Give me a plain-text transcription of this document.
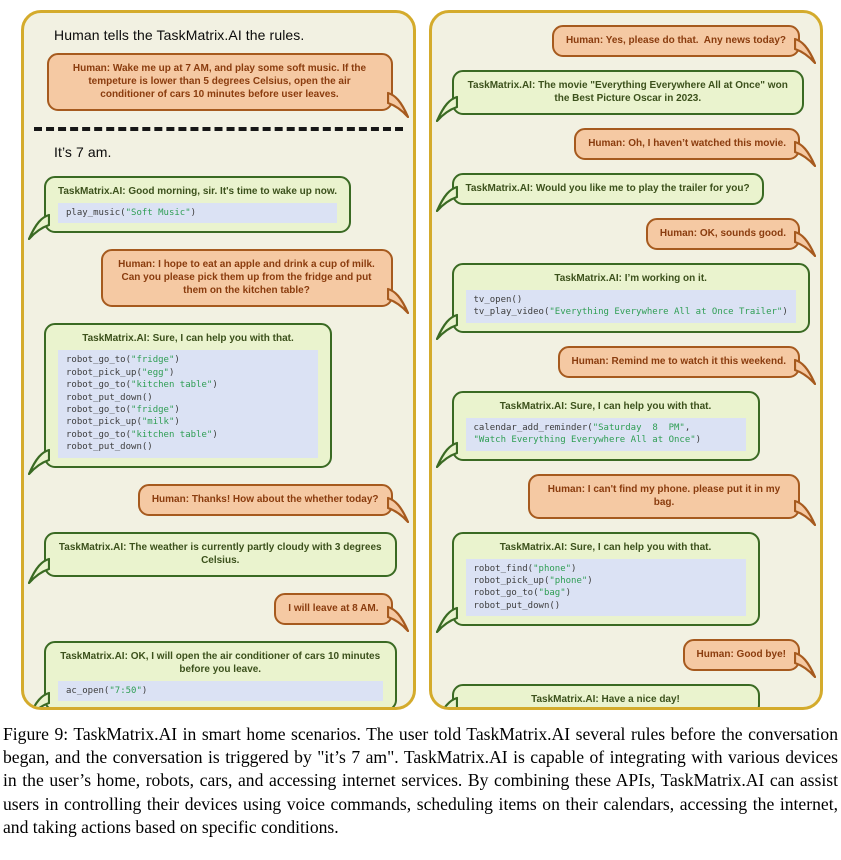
Human tells the TaskMatrix.AI the rules.
Human: Wake me up at 7 AM, and play some soft music. If the tempeture is lower than 5 degrees Celsius, open the air conditioner of cars 10 minutes before user leaves.
It’s 7 am.
TaskMatrix.AI: Good morning, sir. It's time to wake up now.
play_music("Soft Music")
Human: I hope to eat an apple and drink a cup of milk. Can you please pick them up from the fridge and put them on the kitchen table?
TaskMatrix.AI: Sure, I can help you with that.
robot_go_to("fridge")
robot_pick_up("egg")
robot_go_to("kitchen table")
robot_put_down()
robot_go_to("fridge")
robot_pick_up("milk")
robot_go_to("kitchen table")
robot_put_down()
Human: Thanks! How about the whether today?
TaskMatrix.AI: The weather is currently partly cloudy with 3 degrees Celsius.
I will leave at 8 AM.
TaskMatrix.AI: OK, I will open the air conditioner of cars 10 minutes before you leave.
ac_open("7:50")
Human: Yes, please do that.  Any news today?
TaskMatrix.AI: The movie "Everything Everywhere All at Once" won the Best Picture Oscar in 2023.
Human: Oh, I haven’t watched this movie.
TaskMatrix.AI: Would you like me to play the trailer for you?
Human: OK, sounds good.
TaskMatrix.AI: I’m working on it.
tv_open()
tv_play_video("Everything Everywhere All at Once Trailer")
Human: Remind me to watch it this weekend.
TaskMatrix.AI: Sure, I can help you with that.
calendar_add_reminder("Saturday  8  PM",
"Watch Everything Everywhere All at Once")
Human: I can't find my phone. please put it in my bag.
TaskMatrix.AI: Sure, I can help you with that.
robot_find("phone")
robot_pick_up("phone")
robot_go_to("bag")
robot_put_down()
Human: Good bye!
TaskMatrix.AI: Have a nice day!

Figure 9: TaskMatrix.AI in smart home scenarios. The user told TaskMatrix.AI several rules before the conversation began, and the conversation is triggered by "it’s 7 am". TaskMatrix.AI is capable of integrating with various devices in the user’s home, robots, cars, and accessing internet services. By combining these APIs, TaskMatrix.AI can assist users in controlling their devices using voice commands, scheduling items on their calendars, accessing the internet, and taking actions based on specific conditions.
